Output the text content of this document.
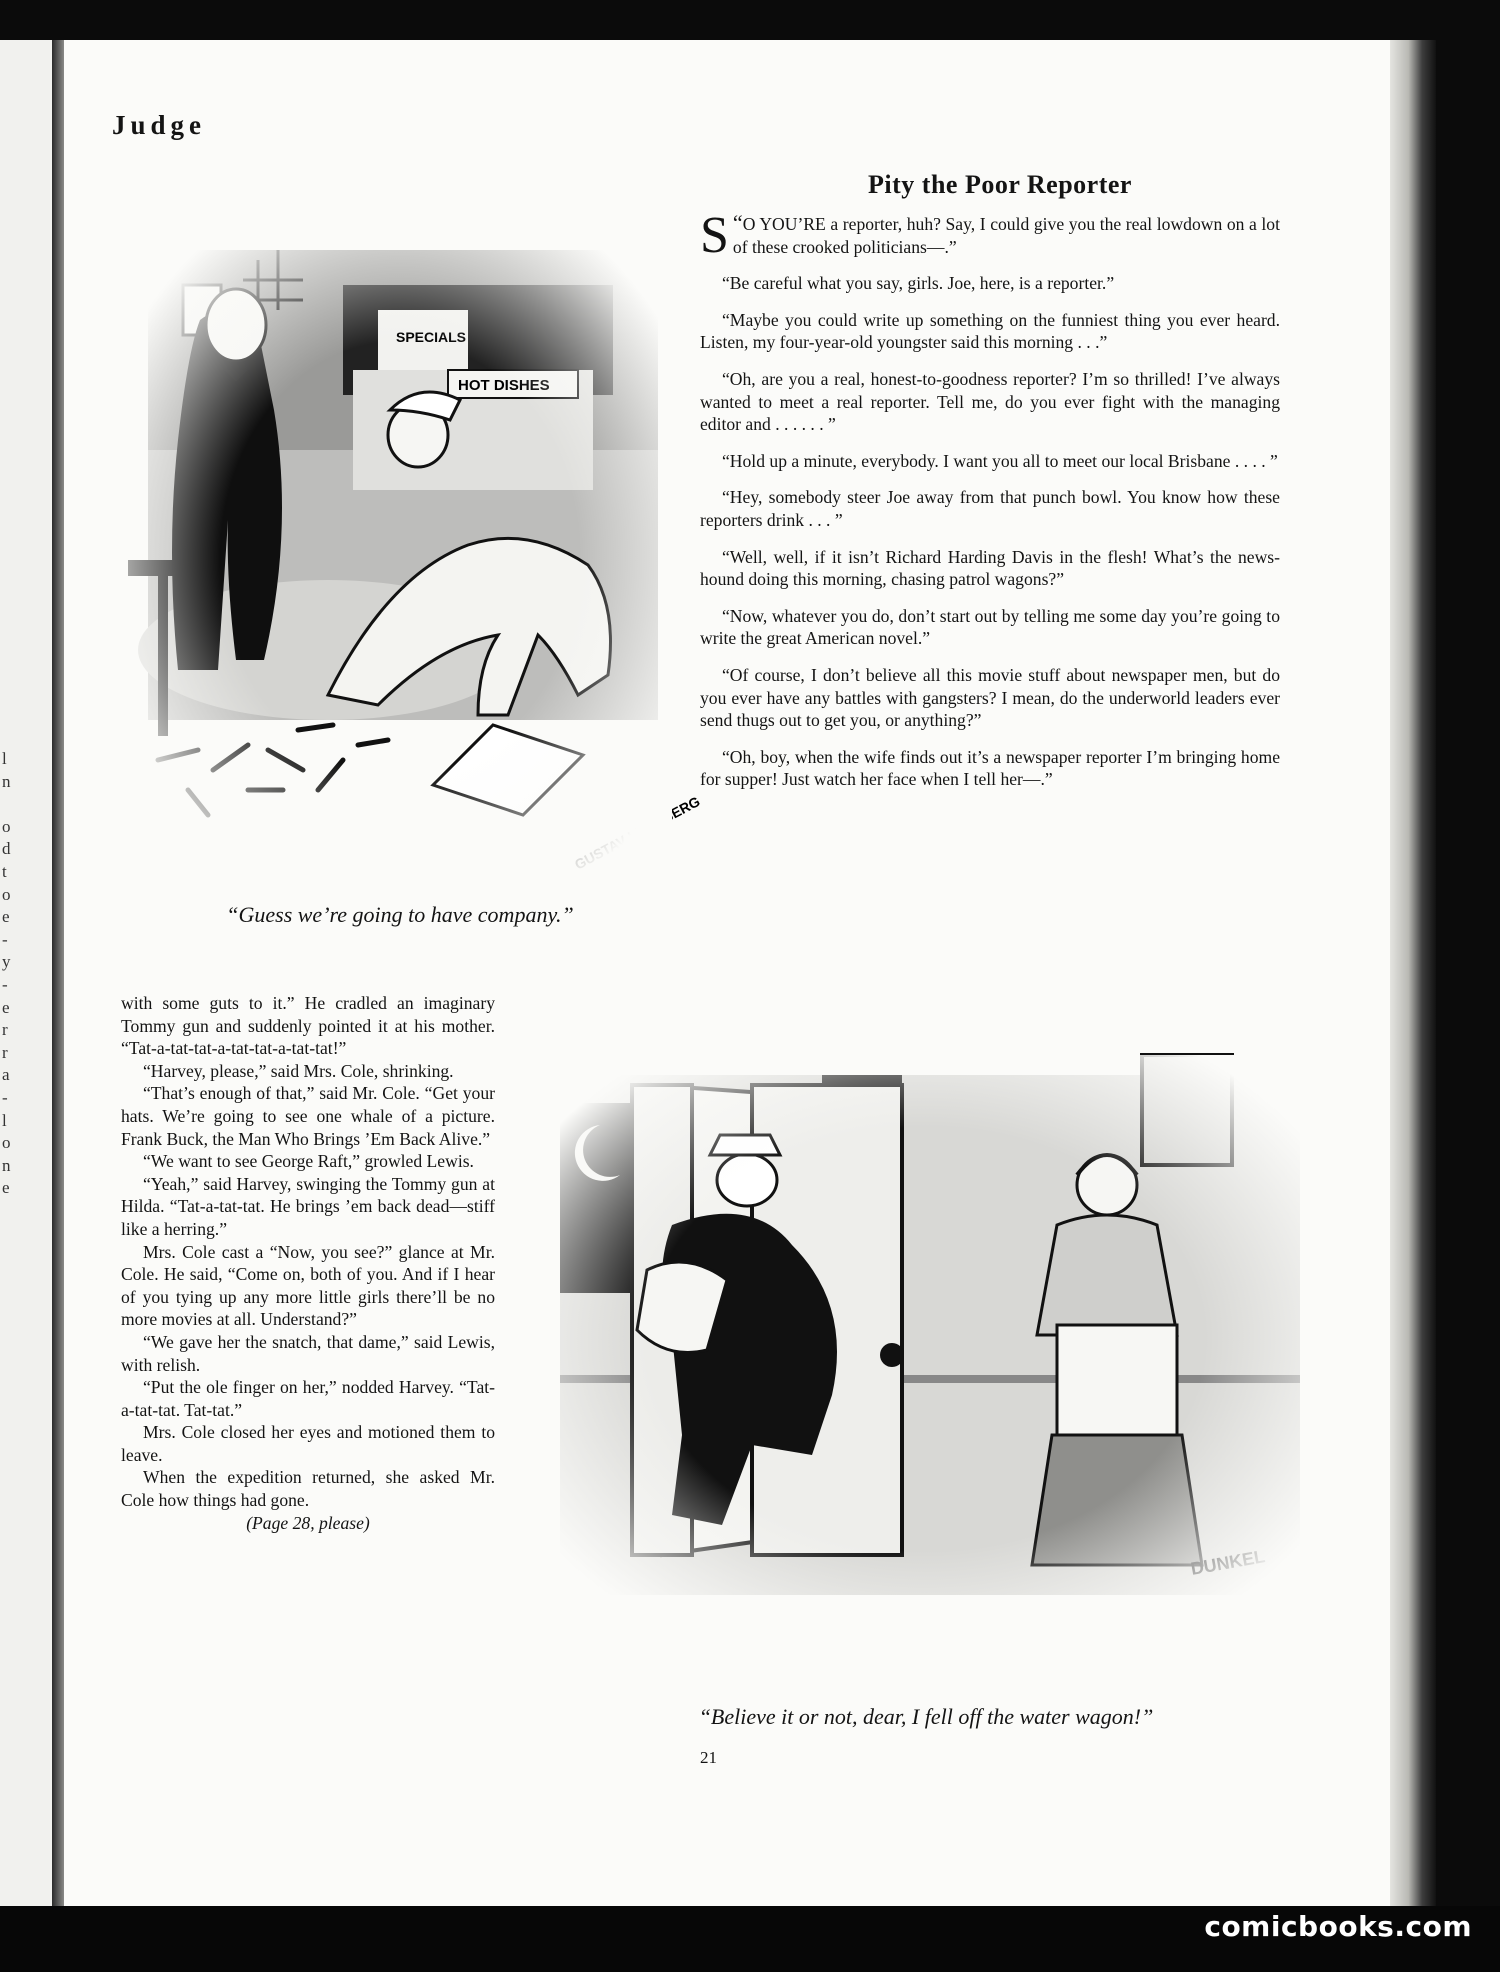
l
n
o
d
t
o
e
-
y
-
e
r
r
a
-
l
o
n
e
Judge
“Guess we’re going to have company.”
Pity the Poor Reporter

“
S O YOU’RE a reporter, huh? Say, I could give you the real lowdown on a lot of these crooked politicians—.”

“Be careful what you say, girls. Joe, here, is a reporter.”

“Maybe you could write up something on the funniest thing you ever heard. Listen, my four-year-old youngster said this morning . . .”

“Oh, are you a real, honest-to-goodness reporter? I’m so thrilled! I’ve always wanted to meet a real reporter. Tell me, do you ever fight with the managing editor and . . . . . . ”

“Hold up a minute, everybody. I want you all to meet our local Brisbane . . . . ”

“Hey, somebody steer Joe away from that punch bowl. You know how these reporters drink . . . ”

“Well, well, if it isn’t Richard Harding Davis in the flesh! What’s the news-hound doing this morning, chasing patrol wagons?”

“Now, whatever you do, don’t start out by telling me some day you’re going to write the great American novel.”

“Of course, I don’t believe all this movie stuff about newspaper men, but do you ever have any battles with gangsters? I mean, do the underworld leaders ever send thugs out to get you, or anything?”

“Oh, boy, when the wife finds out it’s a newspaper reporter I’m bringing home for supper! Just watch her face when I tell her—.”

“Believe it or not, dear, I fell off the water wagon!”

with some guts to it.” He cradled an imaginary Tommy gun and suddenly pointed it at his mother. “Tat-a-tat-tat-a-tat-tat-a-tat-tat!”

“Harvey, please,” said Mrs. Cole, shrinking.

“That’s enough of that,” said Mr. Cole. “Get your hats. We’re going to see one whale of a picture. Frank Buck, the Man Who Brings ’Em Back Alive.”

“We want to see George Raft,” growled Lewis.

“Yeah,” said Harvey, swinging the Tommy gun at Hilda. “Tat-a-tat-tat. He brings ’em back dead—stiff like a herring.”

Mrs. Cole cast a “Now, you see?” glance at Mr. Cole. He said, “Come on, both of you. And if I hear of you tying up any more little girls there’ll be no more movies at all. Understand?”

“We gave her the snatch, that dame,” said Lewis, with relish.

“Put the ole finger on her,” nodded Harvey. “Tat-a-tat-tat. Tat-tat.”

Mrs. Cole closed her eyes and motioned them to leave.

When the expedition returned, she asked Mr. Cole how things had gone.

(Page 28, please)

21
comicbooks.com
